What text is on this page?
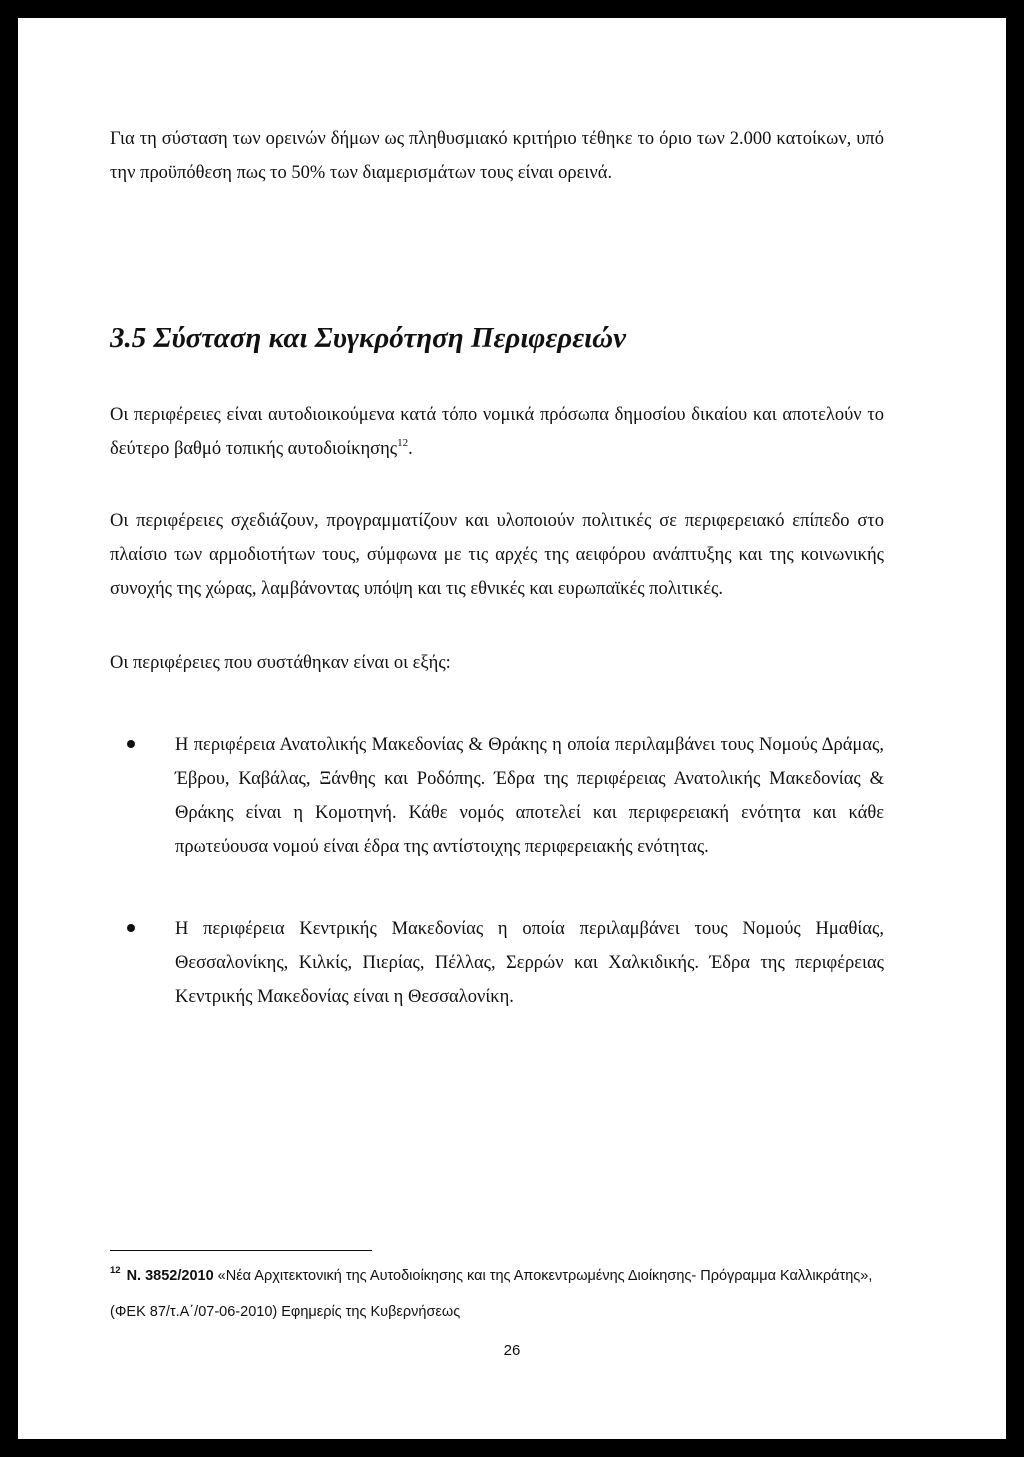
Για τη σύσταση των ορεινών δήμων ως πληθυσμιακό κριτήριο τέθηκε το όριο των 2.000 κατοίκων, υπό την προϋπόθεση πως το 50% των διαμερισμάτων τους είναι ορεινά.

3.5 Σύσταση και Συγκρότηση Περιφερειών

Οι περιφέρειες είναι αυτοδιοικούμενα κατά τόπο νομικά πρόσωπα δημοσίου δικαίου και αποτελούν το δεύτερο βαθμό τοπικής αυτοδιοίκησης$^{12}$.

Οι περιφέρειες σχεδιάζουν, προγραμματίζουν και υλοποιούν πολιτικές σε περιφερειακό επίπεδο στο πλαίσιο των αρμοδιοτήτων τους, σύμφωνα με τις αρχές της αειφόρου ανάπτυξης και της κοινωνικής συνοχής της χώρας, λαμβάνοντας υπόψη και τις εθνικές και ευρωπαϊκές πολιτικές.

Οι περιφέρειες που συστάθηκαν είναι οι εξής:

Η περιφέρεια Ανατολικής Μακεδονίας & Θράκης η οποία περιλαμβάνει τους Νομούς Δράμας, Έβρου, Καβάλας, Ξάνθης και Ροδόπης. Έδρα της περιφέρειας Ανατολικής Μακεδονίας & Θράκης είναι η Κομοτηνή. Κάθε νομός αποτελεί και περιφερειακή ενότητα και κάθε πρωτεύουσα νομού είναι έδρα της αντίστοιχης περιφερειακής ενότητας.

Η περιφέρεια Κεντρικής Μακεδονίας η οποία περιλαμβάνει τους Νομούς Ημαθίας, Θεσσαλονίκης, Κιλκίς, Πιερίας, Πέλλας, Σερρών και Χαλκιδικής. Έδρα της περιφέρειας Κεντρικής Μακεδονίας είναι η Θεσσαλονίκη.

$^{12}$ Ν. 3852/2010 «Νέα Αρχιτεκτονική της Αυτοδιοίκησης και της Αποκεντρωμένης Διοίκησης- Πρόγραμμα Καλλικράτης», (ΦΕΚ 87/τ.Α΄/07-06-2010) Εφημερίς της Κυβερνήσεως

26
